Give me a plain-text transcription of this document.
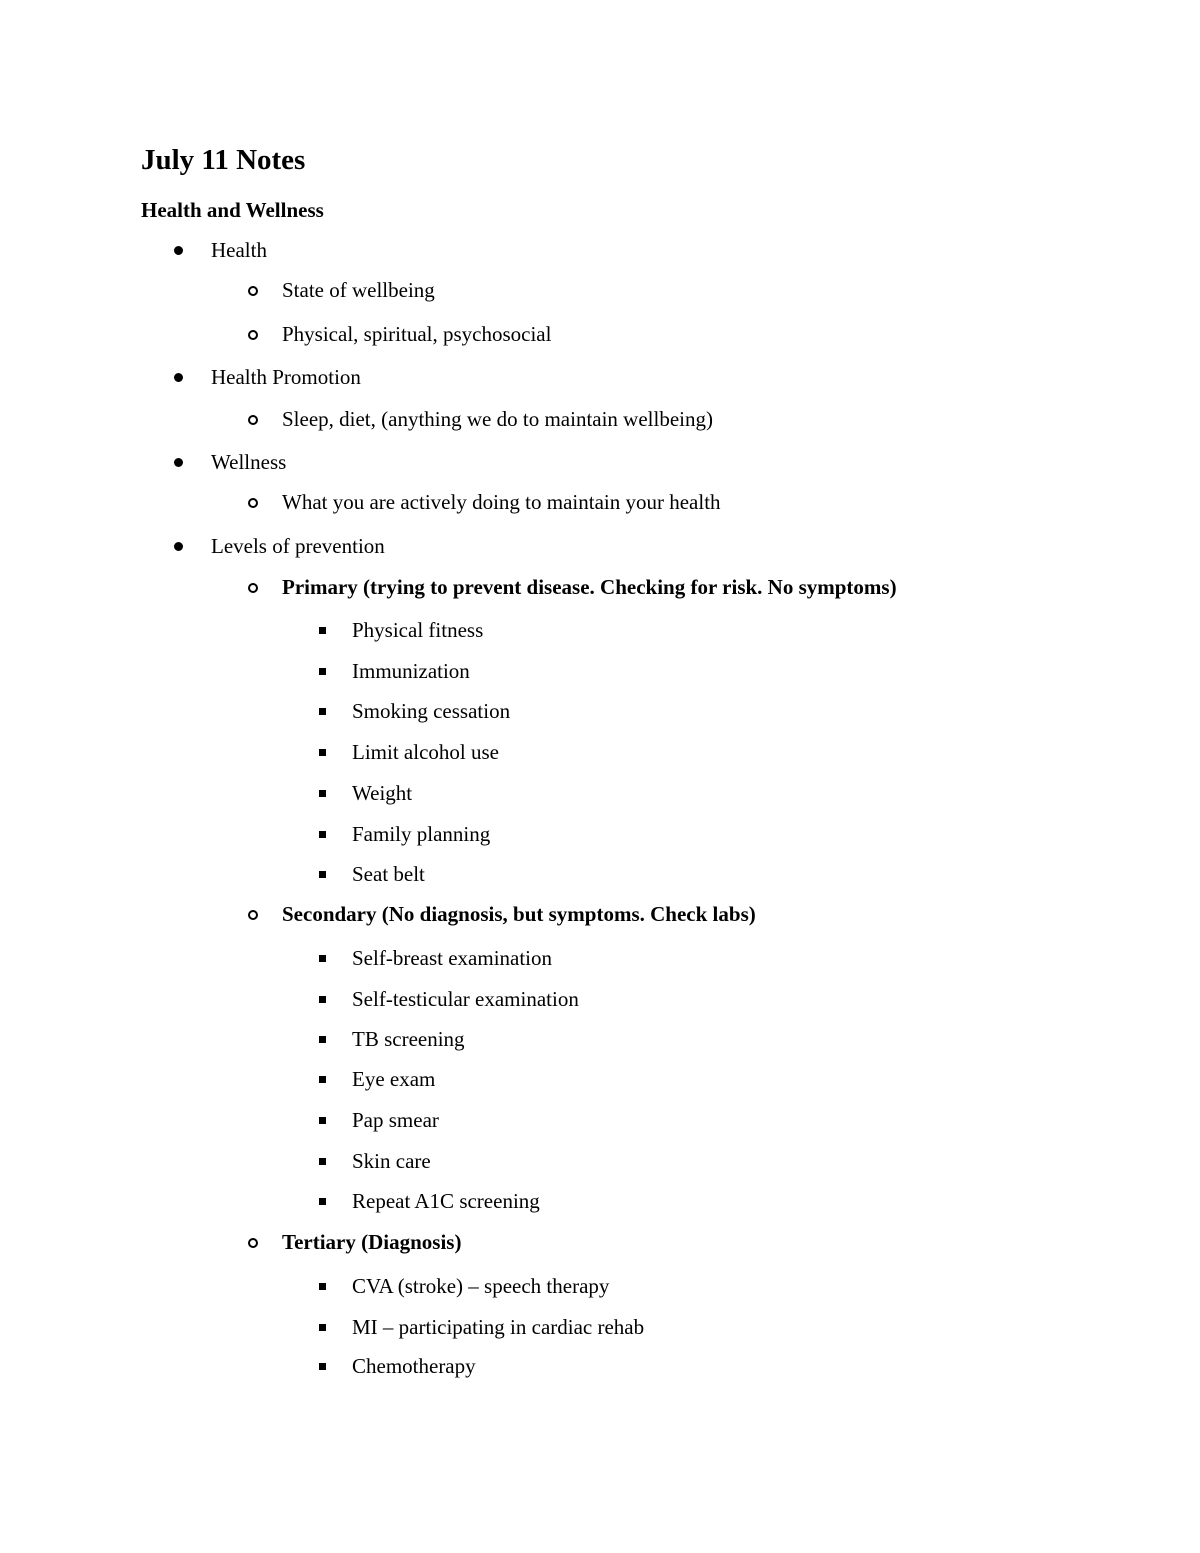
July 11 Notes
Health and Wellness
Health
State of wellbeing
Physical, spiritual, psychosocial
Health Promotion
Sleep, diet, (anything we do to maintain wellbeing)
Wellness
What you are actively doing to maintain your health
Levels of prevention
Primary (trying to prevent disease. Checking for risk. No symptoms)
Physical fitness
Immunization
Smoking cessation
Limit alcohol use
Weight
Family planning
Seat belt
Secondary (No diagnosis, but symptoms. Check labs)
Self-breast examination
Self-testicular examination
TB screening
Eye exam
Pap smear
Skin care
Repeat A1C screening
Tertiary (Diagnosis)
CVA (stroke) – speech therapy
MI – participating in cardiac rehab
Chemotherapy
